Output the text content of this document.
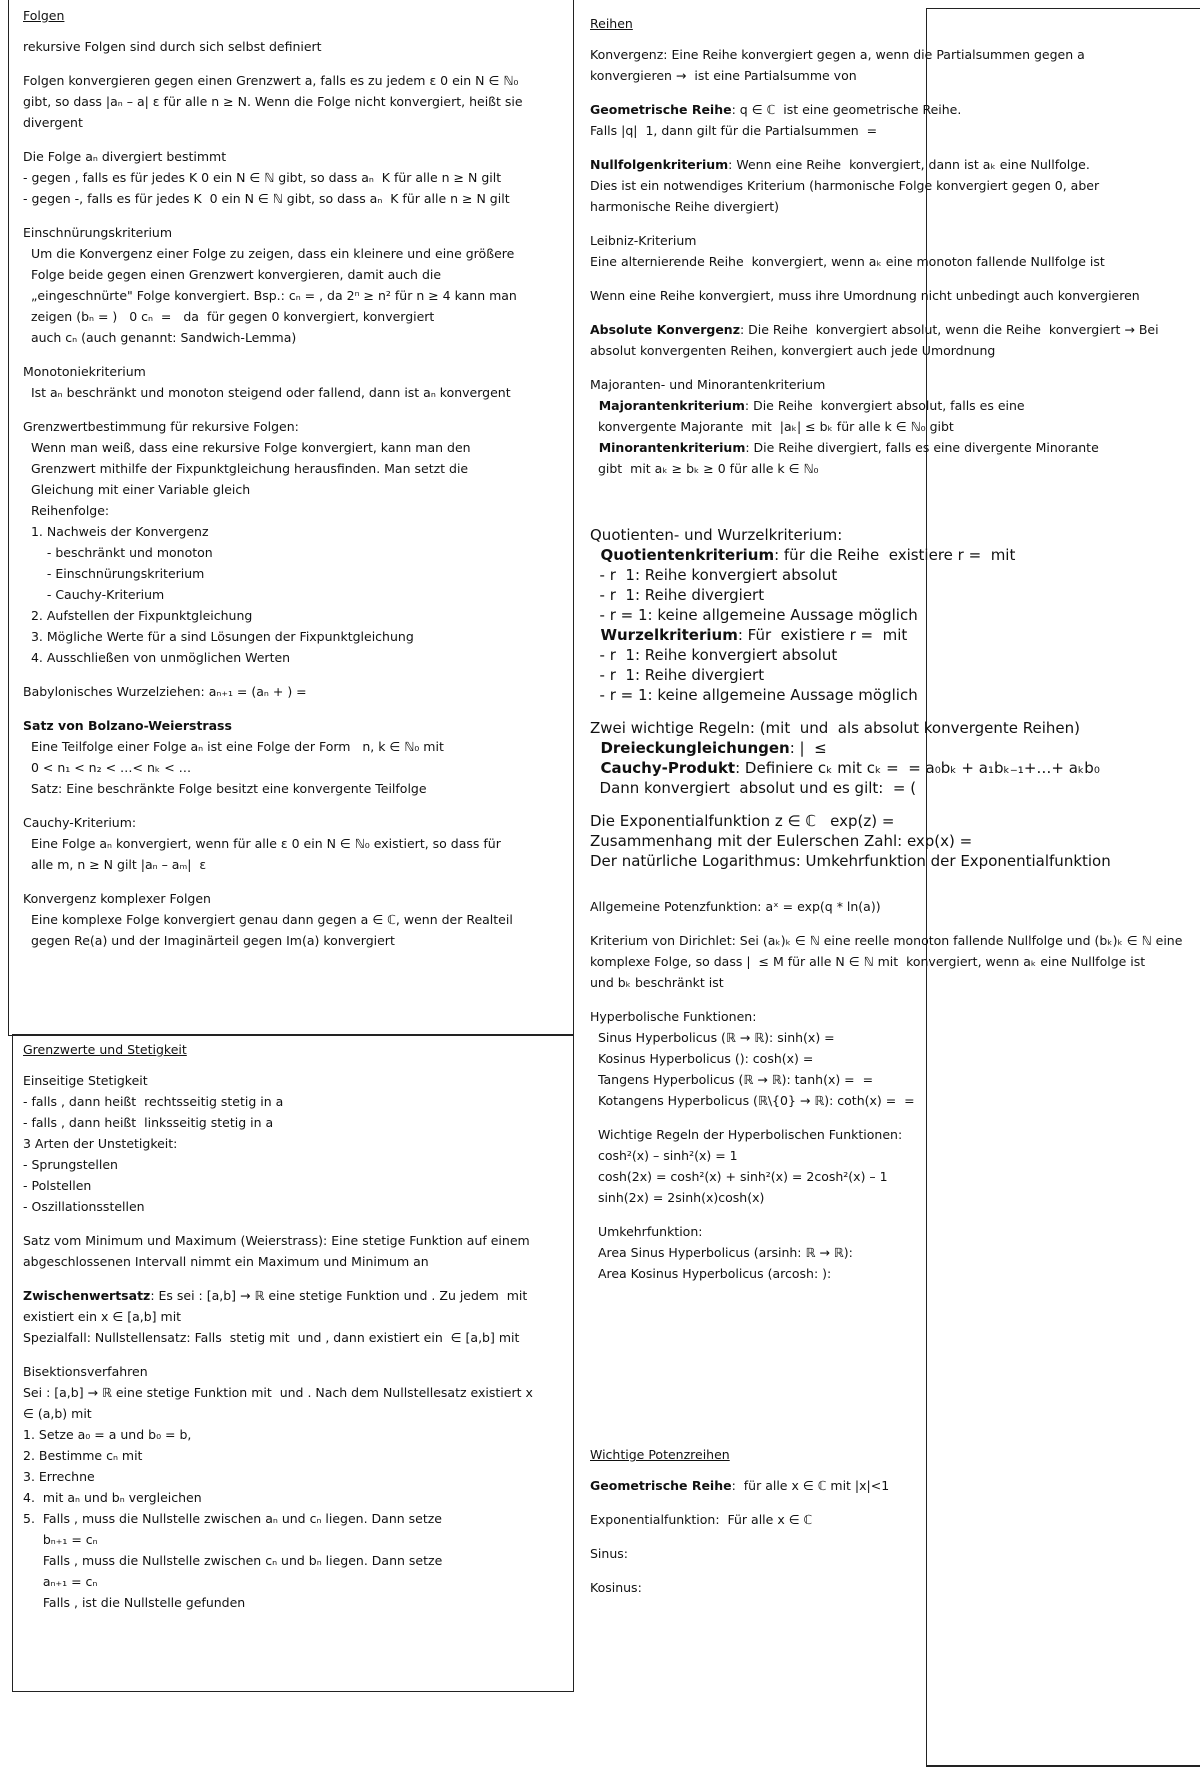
Folgen
rekursive Folgen sind durch sich selbst definiert
Folgen konvergieren gegen einen Grenzwert a, falls es zu jedem ε 0 ein N ∈ ℕ₀
gibt, so dass |aₙ – a| ε für alle n ≥ N. Wenn die Folge nicht konvergiert, heißt sie
divergent
Die Folge aₙ divergiert bestimmt
- gegen , falls es für jedes K 0 ein N ∈ ℕ gibt, so dass aₙ  K für alle n ≥ N gilt
- gegen -, falls es für jedes K  0 ein N ∈ ℕ gibt, so dass aₙ  K für alle n ≥ N gilt
Einschnürungskriterium
Um die Konvergenz einer Folge zu zeigen, dass ein kleinere und eine größere
Folge beide gegen einen Grenzwert konvergieren, damit auch die
„eingeschnürte" Folge konvergiert. Bsp.: cₙ = , da 2ⁿ ≥ n² für n ≥ 4 kann man
zeigen (bₙ = )   0 cₙ  =   da  für gegen 0 konvergiert, konvergiert
auch cₙ (auch genannt: Sandwich-Lemma)
Monotoniekriterium
Ist aₙ beschränkt und monoton steigend oder fallend, dann ist aₙ konvergent
Grenzwertbestimmung für rekursive Folgen:
Wenn man weiß, dass eine rekursive Folge konvergiert, kann man den
Grenzwert mithilfe der Fixpunktgleichung herausfinden. Man setzt die
Gleichung mit einer Variable gleich
Reihenfolge:
1. Nachweis der Konvergenz
- beschränkt und monoton
- Einschnürungskriterium
- Cauchy-Kriterium
2. Aufstellen der Fixpunktgleichung
3. Mögliche Werte für a sind Lösungen der Fixpunktgleichung
4. Ausschließen von unmöglichen Werten
Babylonisches Wurzelziehen: aₙ₊₁ = (aₙ + ) =
Satz von Bolzano-Weierstrass
Eine Teilfolge einer Folge aₙ ist eine Folge der Form   n, k ∈ ℕ₀ mit
0 < n₁ < n₂ < …< nₖ < …
Satz: Eine beschränkte Folge besitzt eine konvergente Teilfolge
Cauchy-Kriterium:
Eine Folge aₙ konvergiert, wenn für alle ε 0 ein N ∈ ℕ₀ existiert, so dass für
alle m, n ≥ N gilt |aₙ – aₘ|  ε
Konvergenz komplexer Folgen
Eine komplexe Folge konvergiert genau dann gegen a ∈ ℂ, wenn der Realteil
gegen Re(a) und der Imaginärteil gegen Im(a) konvergiert
Grenzwerte und Stetigkeit
Einseitige Stetigkeit
- falls , dann heißt  rechtsseitig stetig in a
- falls , dann heißt  linksseitig stetig in a
3 Arten der Unstetigkeit:
- Sprungstellen
- Polstellen
- Oszillationsstellen
Satz vom Minimum und Maximum (Weierstrass): Eine stetige Funktion auf einem
abgeschlossenen Intervall nimmt ein Maximum und Minimum an
Zwischenwertsatz: Es sei : [a,b] → ℝ eine stetige Funktion und . Zu jedem  mit
existiert ein x ∈ [a,b] mit
Spezialfall: Nullstellensatz: Falls  stetig mit  und , dann existiert ein  ∈ [a,b] mit
Bisektionsverfahren
Sei : [a,b] → ℝ eine stetige Funktion mit  und . Nach dem Nullstellesatz existiert x
∈ (a,b) mit
1. Setze a₀ = a und b₀ = b,
2. Bestimme cₙ mit
3. Errechne
4.  mit aₙ und bₙ vergleichen
5.  Falls , muss die Nullstelle zwischen aₙ und cₙ liegen. Dann setze
bₙ₊₁ = cₙ
Falls , muss die Nullstelle zwischen cₙ und bₙ liegen. Dann setze
aₙ₊₁ = cₙ
Falls , ist die Nullstelle gefunden
Reihen
Konvergenz: Eine Reihe konvergiert gegen a, wenn die Partialsummen gegen a
konvergieren →  ist eine Partialsumme von
Geometrische Reihe: q ∈ ℂ  ist eine geometrische Reihe.
Falls |q|  1, dann gilt für die Partialsummen  =
Nullfolgenkriterium: Wenn eine Reihe  konvergiert, dann ist aₖ eine Nullfolge.
Dies ist ein notwendiges Kriterium (harmonische Folge konvergiert gegen 0, aber
harmonische Reihe divergiert)
Leibniz-Kriterium
Eine alternierende Reihe  konvergiert, wenn aₖ eine monoton fallende Nullfolge ist
Wenn eine Reihe konvergiert, muss ihre Umordnung nicht unbedingt auch konvergieren
Absolute Konvergenz: Die Reihe  konvergiert absolut, wenn die Reihe  konvergiert → Bei
absolut konvergenten Reihen, konvergiert auch jede Umordnung
Majoranten- und Minorantenkriterium
Majorantenkriterium: Die Reihe  konvergiert absolut, falls es eine
konvergente Majorante  mit  |aₖ| ≤ bₖ für alle k ∈ ℕ₀ gibt
Minorantenkriterium: Die Reihe divergiert, falls es eine divergente Minorante
gibt  mit aₖ ≥ bₖ ≥ 0 für alle k ∈ ℕ₀
Quotienten- und Wurzelkriterium:
Quotientenkriterium: für die Reihe  existiere r =  mit
- r  1: Reihe konvergiert absolut
- r  1: Reihe divergiert
- r = 1: keine allgemeine Aussage möglich
Wurzelkriterium: Für  existiere r =  mit
- r  1: Reihe konvergiert absolut
- r  1: Reihe divergiert
- r = 1: keine allgemeine Aussage möglich
Zwei wichtige Regeln: (mit  und  als absolut konvergente Reihen)
Dreieckungleichungen: |  ≤
Cauchy-Produkt: Definiere cₖ mit cₖ =  = a₀bₖ + a₁bₖ₋₁+…+ aₖb₀
Dann konvergiert  absolut und es gilt:  = (
Die Exponentialfunktion z ∈ ℂ   exp(z) =
Zusammenhang mit der Eulerschen Zahl: exp(x) =
Der natürliche Logarithmus: Umkehrfunktion der Exponentialfunktion
Allgemeine Potenzfunktion: aˣ = exp(q * ln(a))
Kriterium von Dirichlet: Sei (aₖ)ₖ ∈ ℕ eine reelle monoton fallende Nullfolge und (bₖ)ₖ ∈ ℕ eine
komplexe Folge, so dass |  ≤ M für alle N ∈ ℕ mit  konvergiert, wenn aₖ eine Nullfolge ist
und bₖ beschränkt ist
Hyperbolische Funktionen:
Sinus Hyperbolicus (ℝ → ℝ): sinh(x) =
Kosinus Hyperbolicus (): cosh(x) =
Tangens Hyperbolicus (ℝ → ℝ): tanh(x) =  =
Kotangens Hyperbolicus (ℝ\{0} → ℝ): coth(x) =  =
Wichtige Regeln der Hyperbolischen Funktionen:
cosh²(x) – sinh²(x) = 1
cosh(2x) = cosh²(x) + sinh²(x) = 2cosh²(x) – 1
sinh(2x) = 2sinh(x)cosh(x)
Umkehrfunktion:
Area Sinus Hyperbolicus (arsinh: ℝ → ℝ):
Area Kosinus Hyperbolicus (arcosh: ):
Wichtige Potenzreihen
Geometrische Reihe:  für alle x ∈ ℂ mit |x|<1
Exponentialfunktion:  Für alle x ∈ ℂ
Sinus:
Kosinus:
